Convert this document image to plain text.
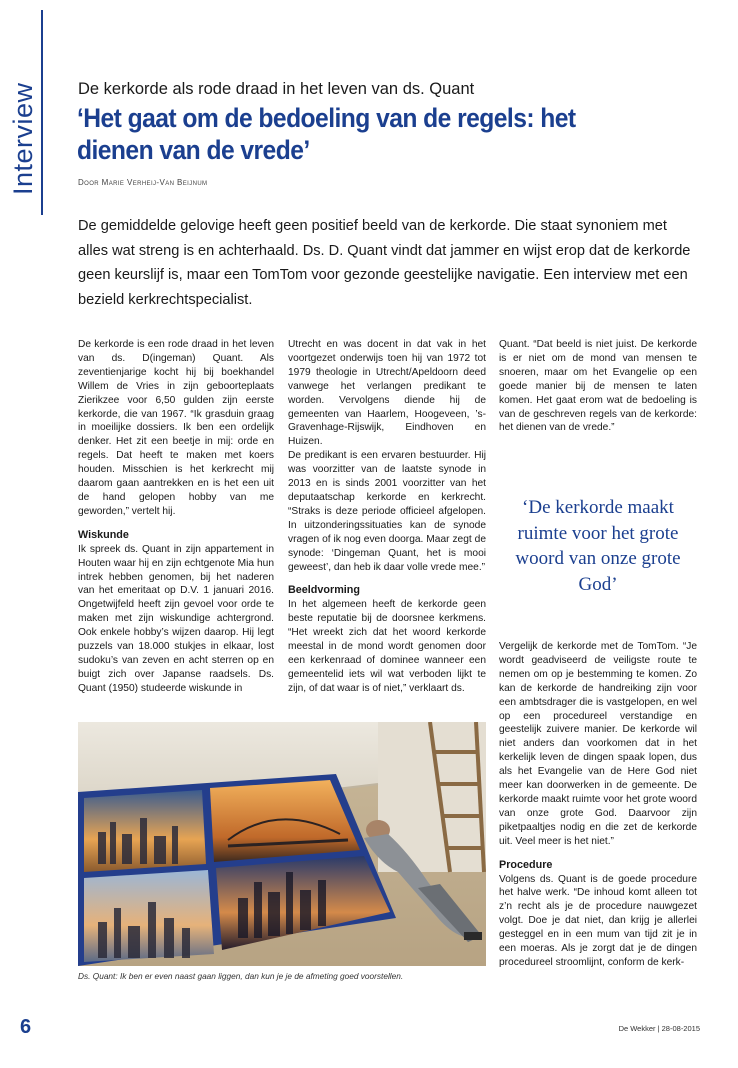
Interview De kerkorde als rode draad in het leven van ds. Quant
‘Het gaat om de bedoeling van de regels: het dienen van de vrede’
Door Marie Verheij-Van Beijnum
De gemiddelde gelovige heeft geen positief beeld van de kerkorde. Die staat synoniem met alles wat streng is en achterhaald. Ds. D. Quant vindt dat jammer en wijst erop dat de kerkorde geen keurslijf is, maar een TomTom voor gezonde geestelijke navigatie. Een interview met een bezield kerkrechtspecialist.

De kerkorde is een rode draad in het leven van ds. D(ingeman) Quant. Als zeventienjarige kocht hij bij boekhandel Willem de Vries in zijn geboorteplaats Zierikzee voor 6,50 gulden zijn eerste kerkorde, die van 1967. “Ik grasduin graag in moeilijke dossiers. Ik ben een ordelijk denker. Het zit een beetje in mij: orde en regels. Dat heeft te maken met koers houden. Misschien is het kerkrecht mij daarom gaan aantrekken en is het een uit de hand gelopen hobby van me geworden,” vertelt hij.

Wiskunde

Ik spreek ds. Quant in zijn appartement in Houten waar hij en zijn echtgenote Mia hun intrek hebben genomen, bij het naderen van het emeritaat op D.V. 1 januari 2016. Ongetwijfeld heeft zijn gevoel voor orde te maken met zijn wiskundige achtergrond. Ook enkele hobby’s wijzen daarop. Hij legt puzzels van 18.000 stukjes in elkaar, lost sudoku’s van zeven en acht sterren op en buigt zich over Japanse raadsels. Ds. Quant (1950) studeerde wiskunde in

Utrecht en was docent in dat vak in het voortgezet onderwijs toen hij van 1972 tot 1979 theologie in Utrecht/Apeldoorn deed vanwege het verlangen predikant te worden. Vervolgens diende hij de gemeenten van Haarlem, Hoogeveen, ’s-Gravenhage-Rijswijk, Eindhoven en Huizen.

De predikant is een ervaren bestuurder. Hij was voorzitter van de laatste synode in 2013 en is sinds 2001 voorzitter van het deputaatschap kerkorde en kerkrecht. “Straks is deze periode officieel afgelopen. In uitzonderingssituaties kan de synode vragen of ik nog even doorga. Maar zegt de synode: ‘Dingeman Quant, het is mooi geweest’, dan heb ik daar volle vrede mee.”

Beeldvorming

In het algemeen heeft de kerkorde geen beste reputatie bij de doorsnee kerkmens. “Het wreekt zich dat het woord kerkorde meestal in de mond wordt genomen door een kerkenraad of dominee wanneer een gemeentelid iets wil wat verboden lijkt te zijn, of dat waar is of niet,” verklaart ds.

Quant. “Dat beeld is niet juist. De kerkorde is er niet om de mond van mensen te snoeren, maar om het Evangelie op een goede manier bij de mensen te laten komen. Het gaat erom wat de bedoeling is van de geschreven regels van de kerkorde: het dienen van de vrede.”

‘De kerkorde maakt ruimte voor het grote woord van onze grote God’

Vergelijk de kerkorde met de TomTom. “Je wordt geadviseerd de veiligste route te nemen om op je bestemming te komen. Zo kan de kerkorde de handreiking zijn voor een ambtsdrager die is vastgelopen, en wel op een procedureel verstandige en geestelijk zuivere manier. De kerkorde wil niet anders dan voorkomen dat in het kerkelijk leven de dingen spaak lopen, dus als het Evangelie van de Here God niet meer kan doorwerken in de gemeente. De kerkorde maakt ruimte voor het grote woord van onze grote God. Daarvoor zijn piketpaaltjes nodig en die zet de kerkorde uit. Veel meer is het niet.”

Procedure

Volgens ds. Quant is de goede procedure het halve werk. “De inhoud komt alleen tot z’n recht als je de procedure nauwgezet volgt. Doe je dat niet, dan krijg je allerlei gesteggel en in een mum van tijd zit je in een moeras. Als je zorgt dat je de dingen procedureel stroomlijnt, conform de kerk-

Ds. Quant: Ik ben er even naast gaan liggen, dan kun je je de afmeting goed voorstellen.
6	De Wekker | 28-08-2015
